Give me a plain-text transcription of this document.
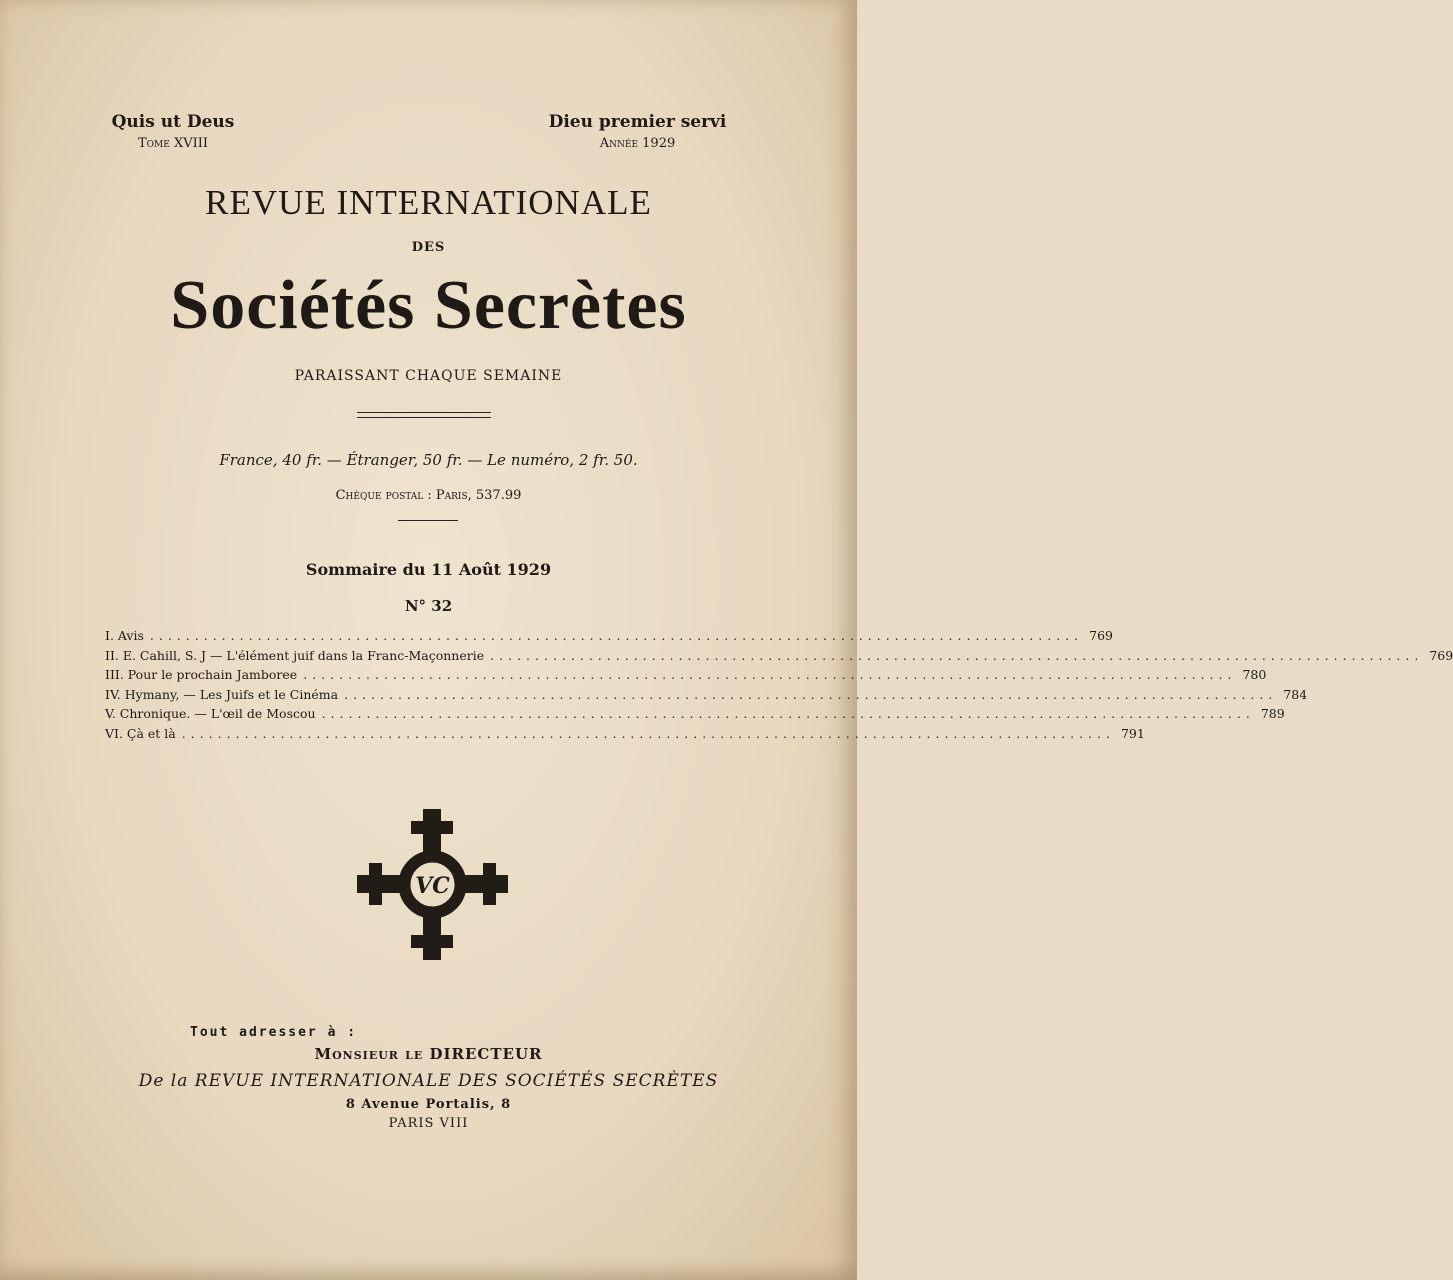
Quis ut Deus
Tome XVIII
Dieu premier servi
Année 1929
REVUE INTERNATIONALE
DES
Sociétés Secrètes
PARAISSANT CHAQUE SEMAINE
France, 40 fr. — Étranger, 50 fr. — Le numéro, 2 fr. 50.
Chèque postal : Paris, 537.99
Sommaire du 11 Août 1929
N° 32
I. Avis ........................................................................................................ 769
II. E. Cahill, S. J — L'élément juif dans la Franc-Maçonnerie ........................................................................................................ 769
III. Pour le prochain Jamboree ........................................................................................................ 780
IV. Hymany, — Les Juifs et le Cinéma ........................................................................................................ 784
V. Chronique. — L'œil de Moscou ........................................................................................................ 789
VI. Çà et là ........................................................................................................ 791
VC
Tout adresser à :
Monsieur le DIRECTEUR
De la REVUE INTERNATIONALE DES SOCIÉTÉS SECRÈTES
8 Avenue Portalis, 8
PARIS VIII
